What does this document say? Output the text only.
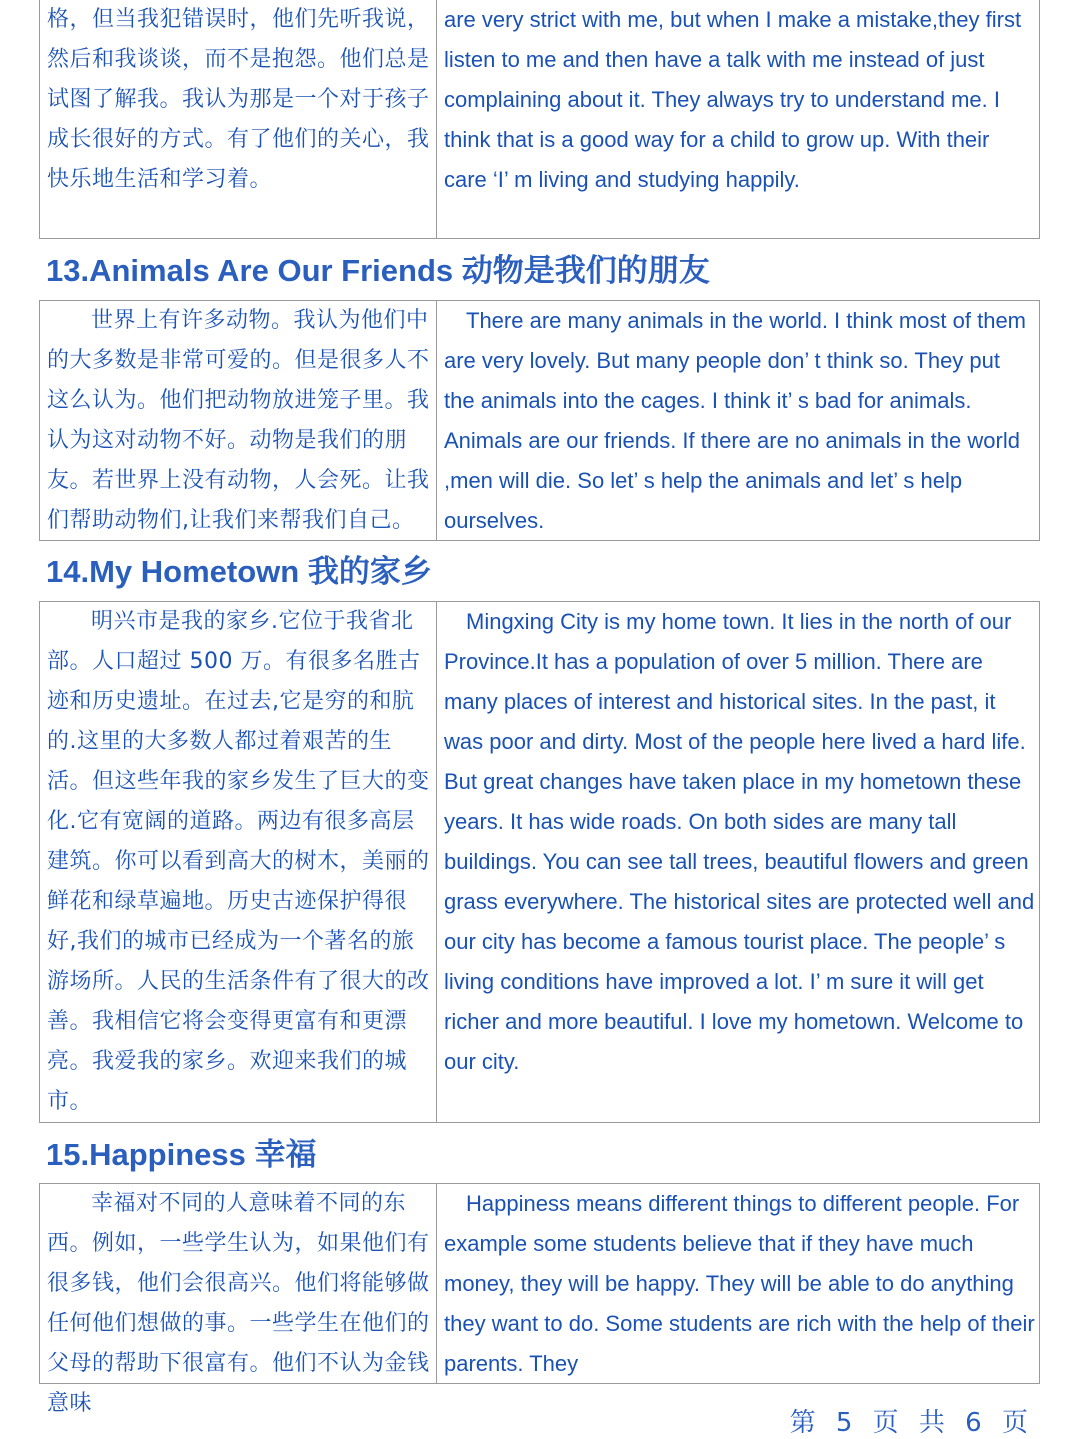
格，但当我犯错误时，他们先听我说，然后和我谈谈，而不是抱怨。他们总是试图了解我。我认为那是一个对于孩子成长很好的方式。有了他们的关心，我快乐地生活和学习着。
are very strict with me, but when I make a mistake,they first listen to me and then have a talk with me instead of just complaining about it. They always try to understand me. I think that is a good way for a child to grow up. With their care ‘I’ m living and studying happily.
13.Animals Are Our Friends 动物是我们的朋友
世界上有许多动物。我认为他们中的大多数是非常可爱的。但是很多人不这么认为。他们把动物放进笼子里。我认为这对动物不好。动物是我们的朋友。若世界上没有动物，人会死。让我们帮助动物们,让我们来帮我们自己。
There are many animals in the world. I think most of them are very lovely. But many people don’ t think so. They put the animals into the cages. I think it’ s bad for animals. Animals are our friends. If there are no animals in the world ,men will die. So let’ s help the animals and let’ s help ourselves.
14.My Hometown 我的家乡
明兴市是我的家乡.它位于我省北部。人口超过 500 万。有很多名胜古迹和历史遗址。在过去,它是穷的和肮的.这里的大多数人都过着艰苦的生活。但这些年我的家乡发生了巨大的变化.它有宽阔的道路。两边有很多高层建筑。你可以看到高大的树木，美丽的鲜花和绿草遍地。历史古迹保护得很好,我们的城市已经成为一个著名的旅游场所。人民的生活条件有了很大的改善。我相信它将会变得更富有和更漂亮。我爱我的家乡。欢迎来我们的城市。
Mingxing City is my home town. It lies in the north of our Province.It has a population of over 5 million. There are many places of interest and historical sites. In the past, it was poor and dirty. Most of the people here lived a hard life. But great changes have taken place in my hometown these years. It has wide roads. On both sides are many tall buildings. You can see tall trees, beautiful flowers and green grass everywhere. The historical sites are protected well and our city has become a famous tourist place. The people’ s living conditions have improved a lot. I’ m sure it will get richer and more beautiful. I love my hometown. Welcome to our city.
15.Happiness 幸福
幸福对不同的人意味着不同的东西。例如，一些学生认为，如果他们有很多钱，他们会很高兴。他们将能够做任何他们想做的事。一些学生在他们的父母的帮助下很富有。他们不认为金钱意味
Happiness means different things to different people. For example some students believe that if they have much money, they will be happy. They will be able to do anything they want to do. Some students are rich with the help of their parents. They
第 5 页 共 6 页
